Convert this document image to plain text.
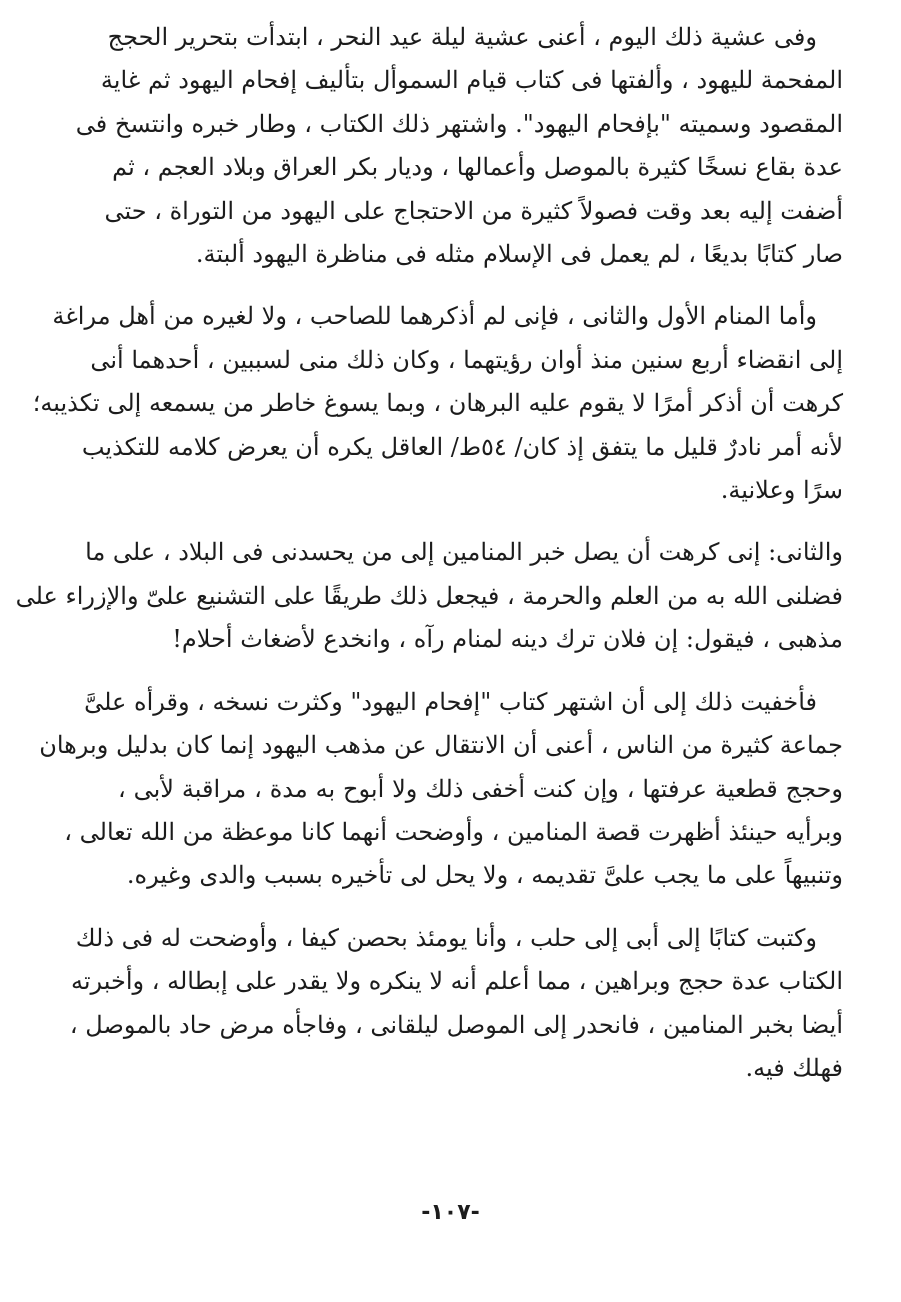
وفى عشية ذلك اليوم ، أعنى عشية ليلة عيد النحر ، ابتدأت بتحرير الحجج
المفحمة لليهود ، وألفتها فى كتاب قيام السموأل بتأليف إفحام اليهود ثم غاية
المقصود وسميته "بإفحام اليهود". واشتهر ذلك الكتاب ، وطار خبره وانتسخ فى
عدة بقاع نسخًا كثيرة بالموصل وأعمالها ، وديار بكر العراق وبلاد العجم ، ثم
أضفت إليه بعد وقت فصولاً كثيرة من الاحتجاج على اليهود من التوراة ، حتى
صار كتابًا بديعًا ، لم يعمل فى الإسلام مثله فى مناظرة اليهود ألبتة.

وأما المنام الأول والثانى ، فإنى لم أذكرهما للصاحب ، ولا لغيره من أهل مراغة
إلى انقضاء أربع سنين منذ أوان رؤيتهما ، وكان ذلك منى لسببين ، أحدهما أنى
كرهت أن أذكر أمرًا لا يقوم عليه البرهان ، وبما يسوغ خاطر من يسمعه إلى تكذيبه؛
لأنه أمر نادرٌ قليل ما يتفق إذ كان/ ٥٤ط/ العاقل يكره أن يعرض كلامه للتكذيب
سرًا وعلانية.

والثانى: إنى كرهت أن يصل خبر المنامين إلى من يحسدنى فى البلاد ، على ما
فضلنى الله به من العلم والحرمة ، فيجعل ذلك طريقًا على التشنيع علىّ والإزراء على
مذهبى ، فيقول: إن فلان ترك دينه لمنام رآه ، وانخدع لأضغاث أحلام!

فأخفيت ذلك إلى أن اشتهر كتاب "إفحام اليهود" وكثرت نسخه ، وقرأه علىَّ
جماعة كثيرة من الناس ، أعنى أن الانتقال عن مذهب اليهود إنما كان بدليل وبرهان
وحجج قطعية عرفتها ، وإن كنت أخفى ذلك ولا أبوح به مدة ، مراقبة لأبى ،
وبرأيه حينئذ أظهرت قصة المنامين ، وأوضحت أنهما كانا موعظة من الله تعالى ،
وتنبيهاً على ما يجب علىَّ تقديمه ، ولا يحل لى تأخيره بسبب والدى وغيره.

وكتبت كتابًا إلى أبى إلى حلب ، وأنا يومئذ بحصن كيفا ، وأوضحت له فى ذلك
الكتاب عدة حجج وبراهين ، مما أعلم أنه لا ينكره ولا يقدر على إبطاله ، وأخبرته
أيضا بخبر المنامين ، فانحدر إلى الموصل ليلقانى ، وفاجأه مرض حاد بالموصل ،
فهلك فيه.

-١٠٧-
